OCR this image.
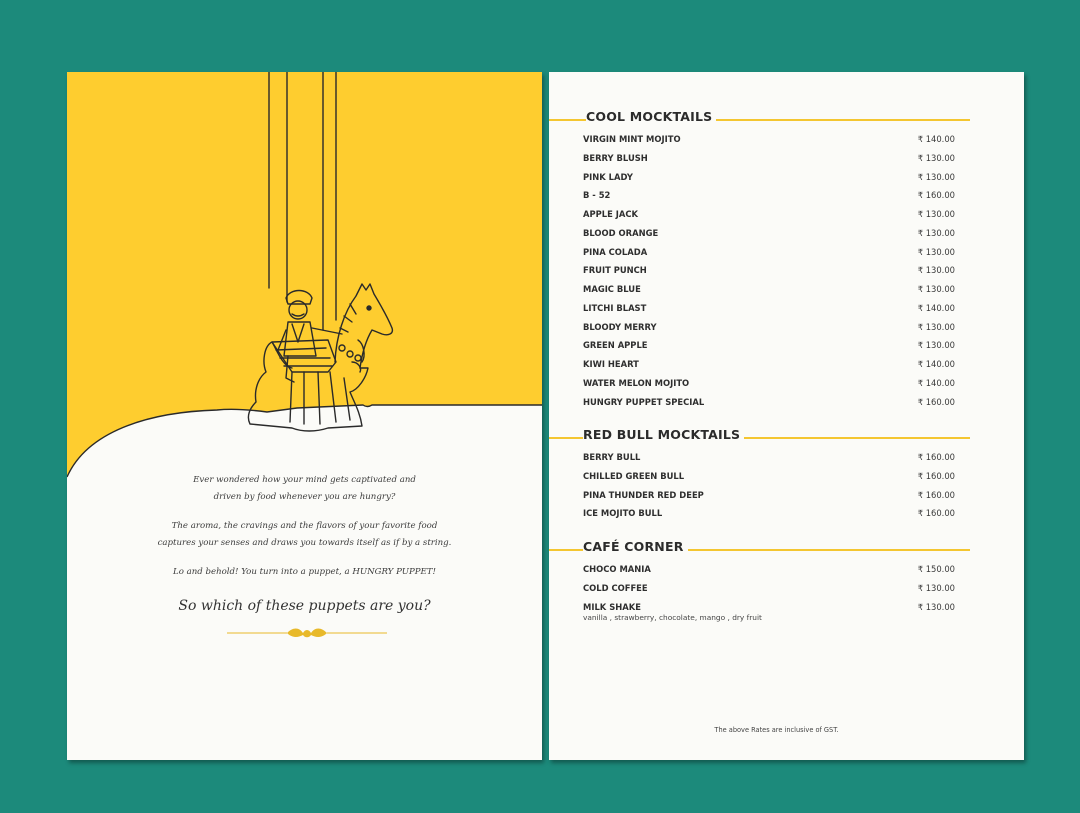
Ever wondered how your mind gets captivated and
driven by food whenever you are hungry?

The aroma, the cravings and the flavors of your favorite food
captures your senses and draws you towards itself as if by a string.

Lo and behold! You turn into a puppet, a HUNGRY PUPPET!

So which of these puppets are you?
COOL MOCKTAILS
VIRGIN MINT MOJITO	₹ 140.00
BERRY BLUSH	₹ 130.00
PINK LADY	₹ 130.00
B - 52	₹ 160.00
APPLE JACK	₹ 130.00
BLOOD ORANGE	₹ 130.00
PINA COLADA	₹ 130.00
FRUIT PUNCH	₹ 130.00
MAGIC BLUE	₹ 130.00
LITCHI BLAST	₹ 140.00
BLOODY MERRY	₹ 130.00
GREEN APPLE	₹ 130.00
KIWI HEART	₹ 140.00
WATER MELON MOJITO	₹ 140.00
HUNGRY PUPPET SPECIAL	₹ 160.00
RED BULL MOCKTAILS
BERRY BULL	₹ 160.00
CHILLED GREEN BULL	₹ 160.00
PINA THUNDER RED DEEP	₹ 160.00
ICE MOJITO BULL	₹ 160.00
CAFÉ CORNER
CHOCO MANIA	₹ 150.00
COLD COFFEE	₹ 130.00
MILK SHAKE	₹ 130.00
vanilla , strawberry, chocolate, mango , dry fruit
The above Rates are inclusive of GST.
